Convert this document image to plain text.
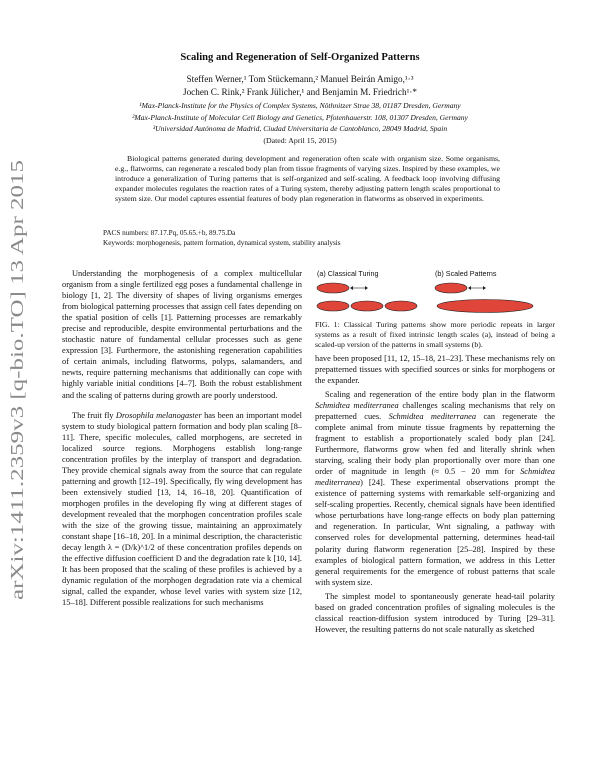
arXiv:1411.2359v3 [q-bio.TO] 13 Apr 2015
Scaling and Regeneration of Self-Organized Patterns
Steffen Werner,¹ Tom Stückemann,² Manuel Beirán Amigo,¹·³
Jochen C. Rink,² Frank Jülicher,¹ and Benjamin M. Friedrich¹·*
¹Max-Planck-Institute for the Physics of Complex Systems, Nöthnitzer Strae 38, 01187 Dresden, Germany
²Max-Planck-Institute of Molecular Cell Biology and Genetics, Pfotenhauerstr. 108, 01307 Dresden, Germany
³Universidad Autónoma de Madrid, Ciudad Universitaria de Cantoblanco, 28049 Madrid, Spain
(Dated: April 15, 2015)

Biological patterns generated during development and regeneration often scale with organism size. Some organisms, e.g., flatworms, can regenerate a rescaled body plan from tissue fragments of varying sizes. Inspired by these examples, we introduce a generalization of Turing patterns that is self-organized and self-scaling. A feedback loop involving diffusing expander molecules regulates the reaction rates of a Turing system, thereby adjusting pattern length scales proportional to system size. Our model captures essential features of body plan regeneration in flatworms as observed in experiments.

PACS numbers: 87.17.Pq, 05.65.+b, 89.75.Da
Keywords: morphogenesis, pattern formation, dynamical system, stability analysis

Understanding the morphogenesis of a complex multicellular organism from a single fertilized egg poses a fundamental challenge in biology [1, 2]. The diversity of shapes of living organisms emerges from biological patterning processes that assign cell fates depending on the spatial position of cells [1]. Patterning processes are remarkably precise and reproducible, despite environmental perturbations and the stochastic nature of fundamental cellular processes such as gene expression [3]. Furthermore, the astonishing regeneration capabilities of certain animals, including flatworms, polyps, salamanders, and newts, require patterning mechanisms that additionally can cope with highly variable initial conditions [4–7]. Both the robust establishment and the scaling of patterns during growth are poorly understood.

The fruit fly Drosophila melanogaster has been an important model system to study biological pattern formation and body plan scaling [8–11]. There, specific molecules, called morphogens, are secreted in localized source regions. Morphogens establish long-range concentration profiles by the interplay of transport and degradation. They provide chemical signals away from the source that can regulate patterning and growth [12–19]. Specifically, fly wing development has been extensively studied [13, 14, 16–18, 20]. Quantification of morphogen profiles in the developing fly wing at different stages of development revealed that the morphogen concentration profiles scale with the size of the growing tissue, maintaining an approximately constant shape [16–18, 20]. In a minimal description, the characteristic decay length λ = (D/k)^1/2 of these concentration profiles depends on the effective diffusion coefficient D and the degradation rate k [10, 14]. It has been proposed that the scaling of these profiles is achieved by a dynamic regulation of the morphogen degradation rate via a chemical signal, called the expander, whose level varies with system size [12, 15–18]. Different possible realizations for such mechanisms

(a) Classical Turing	(b) Scaled Patterns

FIG. 1: Classical Turing patterns show more periodic repeats in larger systems as a result of fixed intrinsic length scales (a), instead of being a scaled-up version of the patterns in small systems (b).

have been proposed [11, 12, 15–18, 21–23]. These mechanisms rely on prepatterned tissues with specified sources or sinks for morphogens or the expander.

Scaling and regeneration of the entire body plan in the flatworm Schmidtea mediterranea challenges scaling mechanisms that rely on prepatterned cues. Schmidtea mediterranea can regenerate the complete animal from minute tissue fragments by repatterning the fragment to establish a proportionately scaled body plan [24]. Furthermore, flatworms grow when fed and literally shrink when starving, scaling their body plan proportionally over more than one order of magnitude in length (≈ 0.5 − 20 mm for Schmidtea mediterranea) [24]. These experimental observations prompt the existence of patterning systems with remarkable self-organizing and self-scaling properties. Recently, chemical signals have been identified whose perturbations have long-range effects on body plan patterning and regeneration. In particular, Wnt signaling, a pathway with conserved roles for developmental patterning, determines head-tail polarity during flatworm regeneration [25–28]. Inspired by these examples of biological pattern formation, we address in this Letter general requirements for the emergence of robust patterns that scale with system size.

The simplest model to spontaneously generate head-tail polarity based on graded concentration profiles of signaling molecules is the classical reaction-diffusion system introduced by Turing [29–31]. However, the resulting patterns do not scale naturally as sketched
